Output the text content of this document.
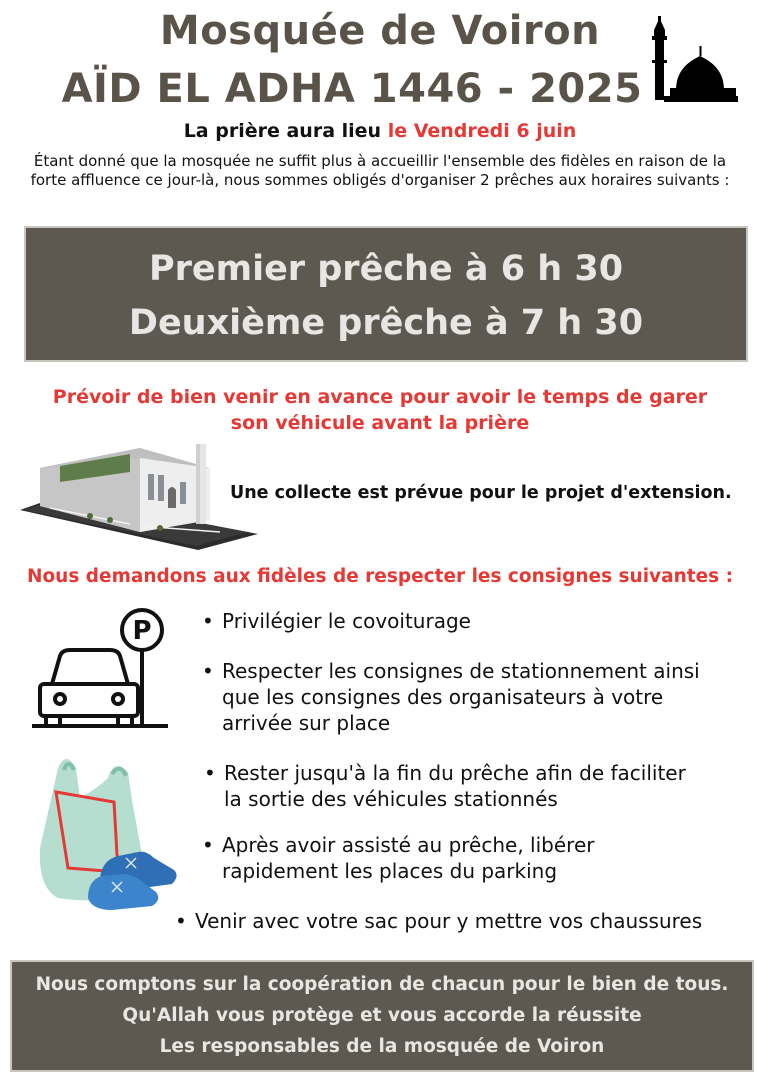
Mosquée de Voiron
AÏD EL ADHA 1446 - 2025
La prière aura lieu le Vendredi 6 juin
Étant donné que la mosquée ne suffit plus à accueillir l'ensemble des fidèles en raison de la forte affluence ce jour-là, nous sommes obligés d'organiser 2 prêches aux horaires suivants :
Premier prêche à 6 h 30
Deuxième prêche à 7 h 30
Prévoir de bien venir en avance pour avoir le temps de garer
son véhicule avant la prière
Une collecte est prévue pour le projet d'extension.
Nous demandons aux fidèles de respecter les consignes suivantes :
P	• Privilégier le covoiturage
• Respecter les consignes de stationnement ainsi
que les consignes des organisateurs à votre
arrivée sur place
• Rester jusqu'à la fin du prêche afin de faciliter
la sortie des véhicules stationnés
• Après avoir assisté au prêche, libérer
rapidement les places du parking
• Venir avec votre sac pour y mettre vos chaussures
Nous comptons sur la coopération de chacun pour le bien de tous.
Qu'Allah vous protège et vous accorde la réussite
Les responsables de la mosquée de Voiron
